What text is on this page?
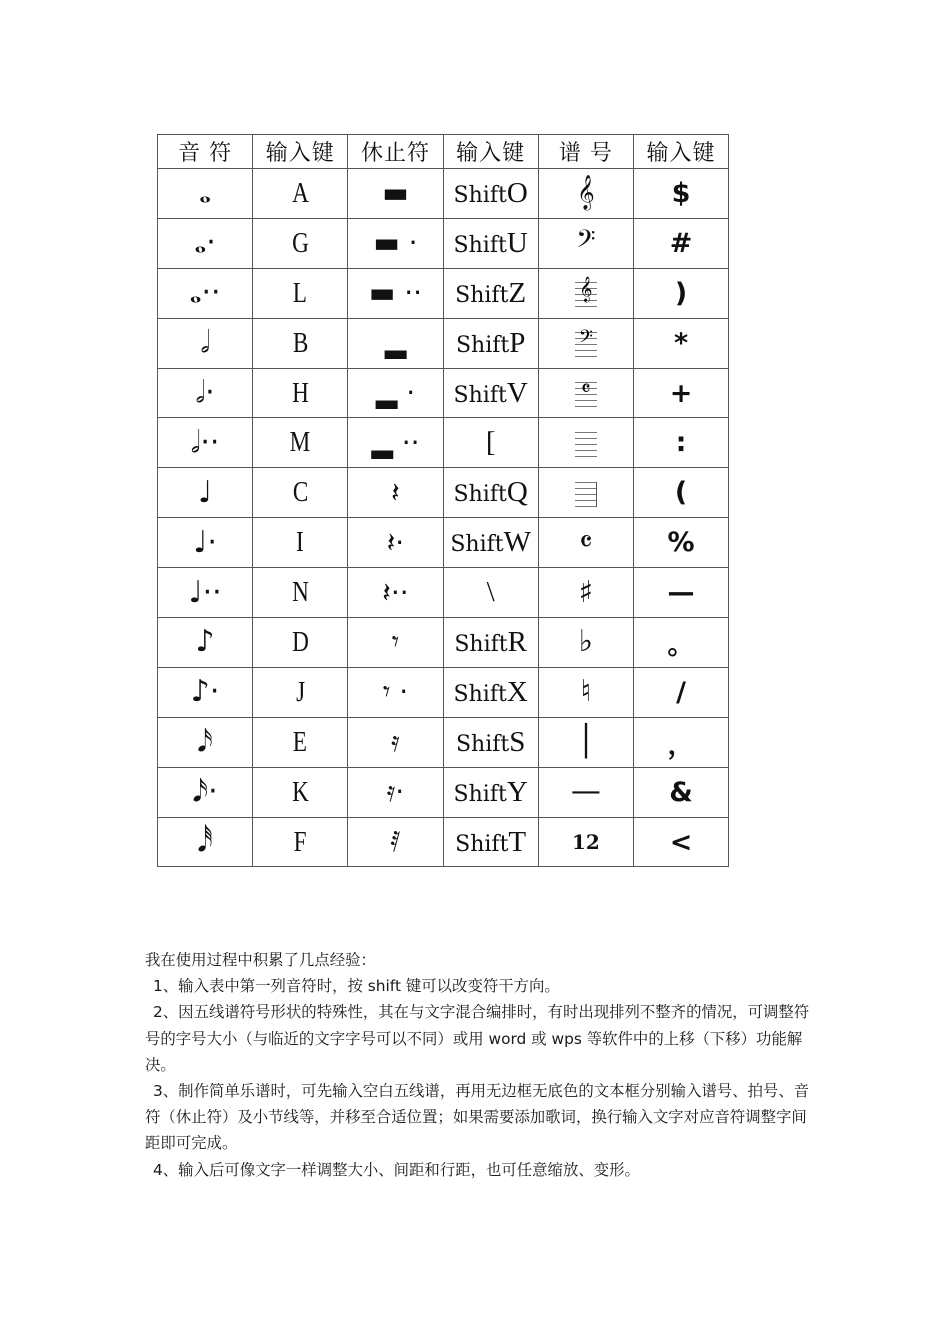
音 符	输入键	休止符	输入键	谱 号	输入键
𝅝	A	▬	ShiftO	𝄞	$
𝅝·	G	▬ ·	ShiftU	𝄢	#
𝅝··	L	▬ ··	ShiftZ	𝄞	)
𝅗𝅥	B	▂	ShiftP	𝄢	*
𝅗𝅥·	H	▂ ·	ShiftV	𝄴	+
𝅗𝅥··	M	▂ ··	[		:
♩	C	𝄽	ShiftQ		(
♩·	I	𝄽·	ShiftW	𝄴	%
♩··	N	𝄽··	\	♯	—
♪	D	𝄾	ShiftR	♭	。
♪·	J	𝄾 ·	ShiftX	♮	/
𝅘𝅥𝅯	E	𝄿	ShiftS	│	，
𝅘𝅥𝅯·	K	𝄿·	ShiftY	—	&
𝅘𝅥𝅰	F	𝅀	ShiftT	12	<

我在使用过程中积累了几点经验：

1、输入表中第一列音符时，按 shift 键可以改变符干方向。

2、因五线谱符号形状的特殊性，其在与文字混合编排时，有时出现排列不整齐的情况，可调整符号的字号大小（与临近的文字字号可以不同）或用 word 或 wps 等软件中的上移（下移）功能解决。

3、制作简单乐谱时，可先输入空白五线谱，再用无边框无底色的文本框分别输入谱号、拍号、音符（休止符）及小节线等，并移至合适位置；如果需要添加歌词，换行输入文字对应音符调整字间距即可完成。

4、输入后可像文字一样调整大小、间距和行距，也可任意缩放、变形。
